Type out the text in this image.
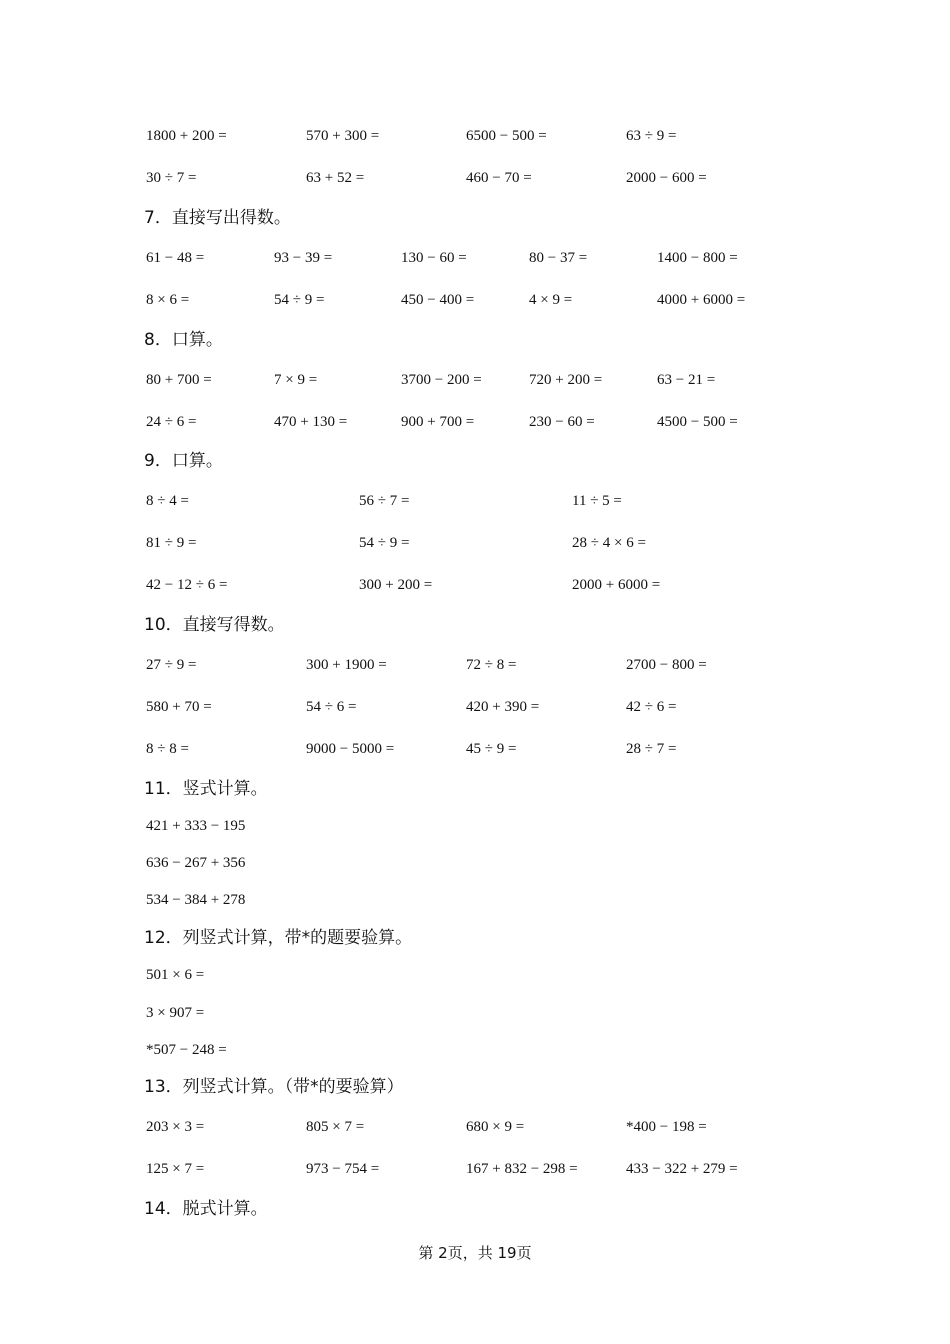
1800 + 200 =	570 + 300 =	6500 − 500 =	63 ÷ 9 =
30 ÷ 7 =	63 + 52 =	460 − 70 =	2000 − 600 =
7．直接写出得数。
61 − 48 =	93 − 39 =	130 − 60 =	80 − 37 =	1400 − 800 =
8 × 6 =	54 ÷ 9 =	450 − 400 =	4 × 9 =	4000 + 6000 =
8．口算。
80 + 700 =	7 × 9 =	3700 − 200 =	720 + 200 =	63 − 21 =
24 ÷ 6 =	470 + 130 =	900 + 700 =	230 − 60 =	4500 − 500 =
9．口算。
8 ÷ 4 =	56 ÷ 7 =	11 ÷ 5 =
81 ÷ 9 =	54 ÷ 9 =	28 ÷ 4 × 6 =
42 − 12 ÷ 6 =	300 + 200 =	2000 + 6000 =
10．直接写得数。
27 ÷ 9 =	300 + 1900 =	72 ÷ 8 =	2700 − 800 =
580 + 70 =	54 ÷ 6 =	420 + 390 =	42 ÷ 6 =
8 ÷ 8 =	9000 − 5000 =	45 ÷ 9 =	28 ÷ 7 =
11．竖式计算。
421 + 333 − 195
636 − 267 + 356
534 − 384 + 278
12．列竖式计算，带*的题要验算。
501 × 6 =
3 × 907 =
*507 − 248 =
13．列竖式计算。（带*的要验算）
203 × 3 =	805 × 7 =	680 × 9 =	*400 − 198 =
125 × 7 =	973 − 754 =	167 + 832 − 298 =	433 − 322 + 279 =
14．脱式计算。
第 2页，共 19页
